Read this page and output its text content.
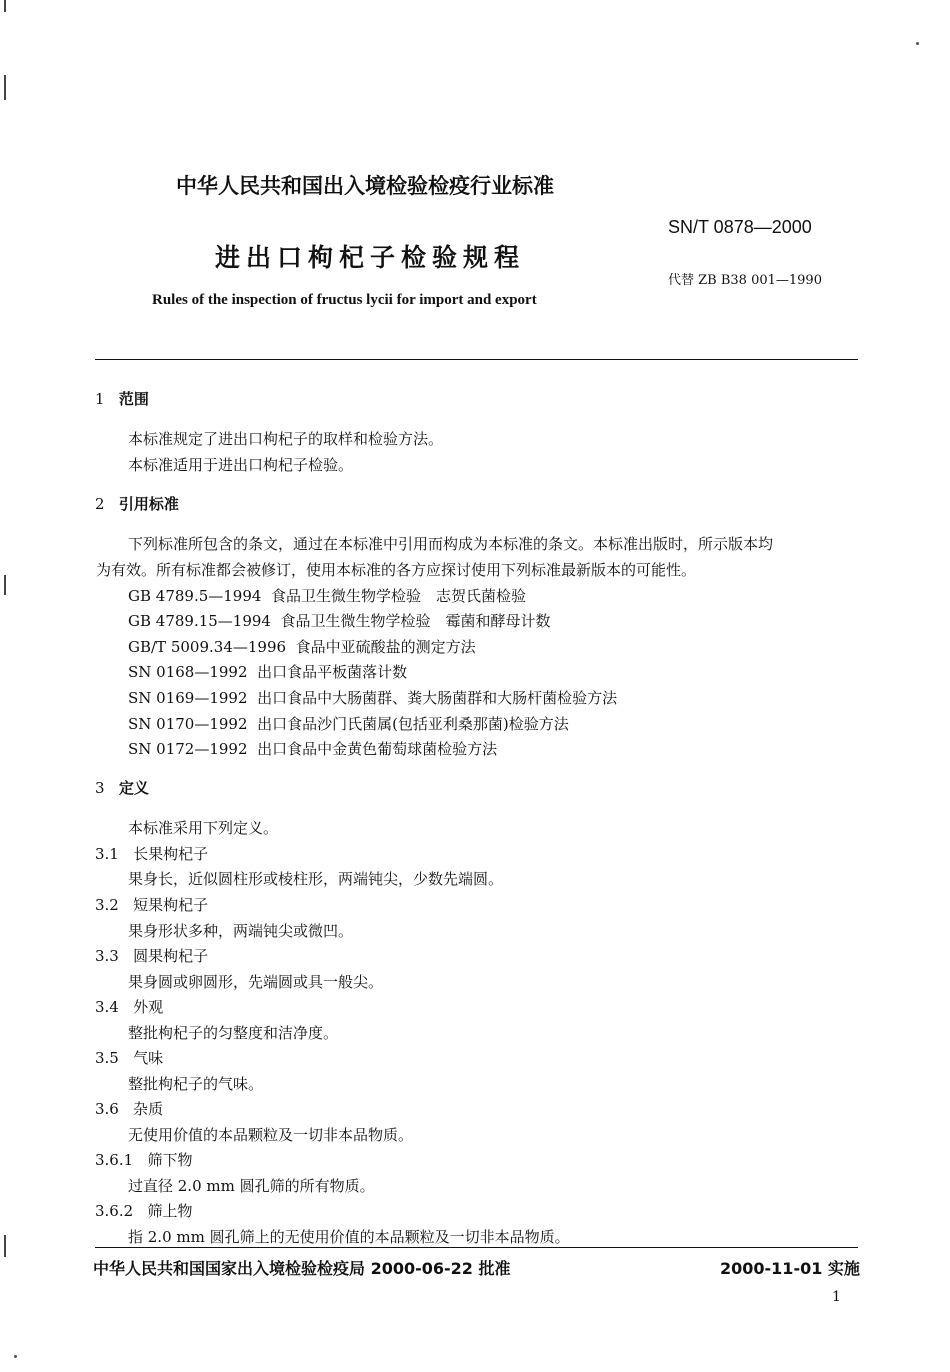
中华人民共和国出入境检验检疫行业标准
SN/T 0878—2000
进出口枸杞子检验规程
代替 ZB B38 001—1990
Rules of the inspection of fructus lycii for import and export
1 范围
本标准规定了进出口枸杞子的取样和检验方法。
本标准适用于进出口枸杞子检验。
2 引用标准
下列标准所包含的条文，通过在本标准中引用而构成为本标准的条文。本标准出版时，所示版本均
为有效。所有标准都会被修订，使用本标准的各方应探讨使用下列标准最新版本的可能性。
GB 4789.5—1994 食品卫生微生物学检验　志贺氏菌检验
GB 4789.15—1994 食品卫生微生物学检验　霉菌和酵母计数
GB/T 5009.34—1996 食品中亚硫酸盐的测定方法
SN 0168—1992 出口食品平板菌落计数
SN 0169—1992 出口食品中大肠菌群、粪大肠菌群和大肠杆菌检验方法
SN 0170—1992 出口食品沙门氏菌属(包括亚利桑那菌)检验方法
SN 0172—1992 出口食品中金黄色葡萄球菌检验方法
3 定义
本标准采用下列定义。
3.1 长果枸杞子
果身长，近似圆柱形或棱柱形，两端钝尖，少数先端圆。
3.2 短果枸杞子
果身形状多种，两端钝尖或微凹。
3.3 圆果枸杞子
果身圆或卵圆形，先端圆或具一般尖。
3.4 外观
整批枸杞子的匀整度和洁净度。
3.5 气味
整批枸杞子的气味。
3.6 杂质
无使用价值的本品颗粒及一切非本品物质。
3.6.1 筛下物
过直径 2.0 mm 圆孔筛的所有物质。
3.6.2 筛上物
指 2.0 mm 圆孔筛上的无使用价值的本品颗粒及一切非本品物质。
中华人民共和国国家出入境检验检疫局 2000-06-22 批准	2000-11-01 实施
1
